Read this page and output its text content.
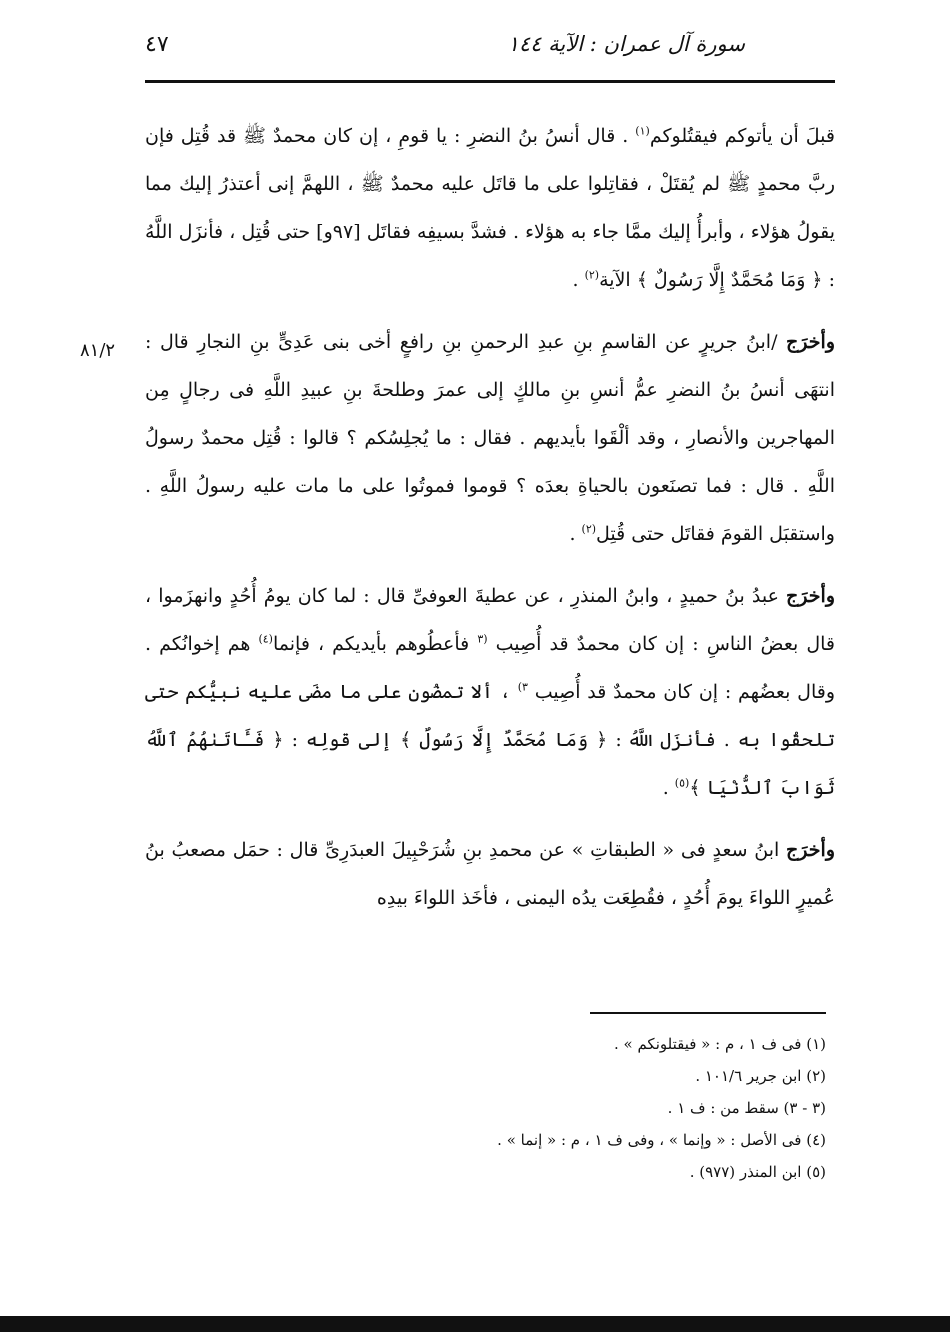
٤٧	سورة آل عمران : الآية ١٤٤
٨١/٢

قبلَ أن يأتوكم فيقتُلوكم$^{(١)}$ . قال أنسُ بنُ النضرِ : يا قومِ ، إن كان محمدٌ ﷺ قد قُتِل فإن ربَّ محمدٍ ﷺ لم يُقتَلْ ، فقاتِلوا على ما قاتَل عليه محمدٌ ﷺ ، اللهمَّ إنى أعتذرُ إليك مما يقولُ هؤلاء ، وأبرأُ إليك ممَّا جاء به هؤلاء . فشدَّ بسيفِه فقاتَل [٩٧و] حتى قُتِل ، فأنزَل اللَّهُ : ﴿ وَمَا مُحَمَّدٌ إِلَّا رَسُولٌ ﴾ الآية$^{(٢)}$ .

وأخرَج /ابنُ جريرٍ عن القاسمِ بنِ عبدِ الرحمنِ بنِ رافعٍ أخى بنى عَدِىٍّ بنِ النجارِ قال : انتهَى أنسُ بنُ النضرِ عمُّ أنسِ بنِ مالكٍ إلى عمرَ وطلحةَ بنِ عبيدِ اللَّهِ فى رجالٍ مِن المهاجرين والأنصارِ ، وقد ألْقَوا بأيديهم . فقال : ما يُجلِسُكم ؟ قالوا : قُتِل محمدٌ رسولُ اللَّهِ . قال : فما تصنَعون بالحياةِ بعدَه ؟ قوموا فموتُوا على ما مات عليه رسولُ اللَّهِ . واستقبَل القومَ فقاتَل حتى قُتِل$^{(٢)}$ .

وأخرَج عبدُ بنُ حميدٍ ، وابنُ المنذرِ ، عن عطيةَ العوفىِّ قال : لما كان يومُ أُحُدٍ وانهزَموا ، قال بعضُ الناسِ : إن كان محمدٌ قد أُصِيب $^{(٣}$ فأعطُوهم بأيديكم ، فإنما$^{(٤)}$ هم إخوانُكم . وقال بعضُهم : إن كان محمدٌ قد أُصِيب $^{٣)}$ ، ألا تمضُون على ما مضَى عليه نبيُّكم حتى تلحقُوا به . فأنزَل اللَّهُ : ﴿ وَمَا مُحَمَّدٌ إِلَّا رَسُولٌ ﴾ إلى قولِه : ﴿ فَـَٔاتَىٰهُمُ ٱللَّهُ ثَوَابَ ٱلدُّنْيَا ﴾$^{(٥)}$ .

وأخرَج ابنُ سعدٍ فى « الطبقاتِ » عن محمدِ بنِ شُرَحْبِيلَ العبدَرِىِّ قال : حمَل مصعبُ بنُ عُميرٍ اللواءَ يومَ أُحُدٍ ، فقُطِعَت يدُه اليمنى ، فأخَذ اللواءَ بيدِه

(١) فى ف ١ ، م : « فيقتلونكم » .
(٢) ابن جرير ١٠١/٦ .
(٣ - ٣) سقط من : ف ١ .
(٤) فى الأصل : « وإنما » ، وفى ف ١ ، م : « إنما » .
(٥) ابن المنذر (٩٧٧) .
